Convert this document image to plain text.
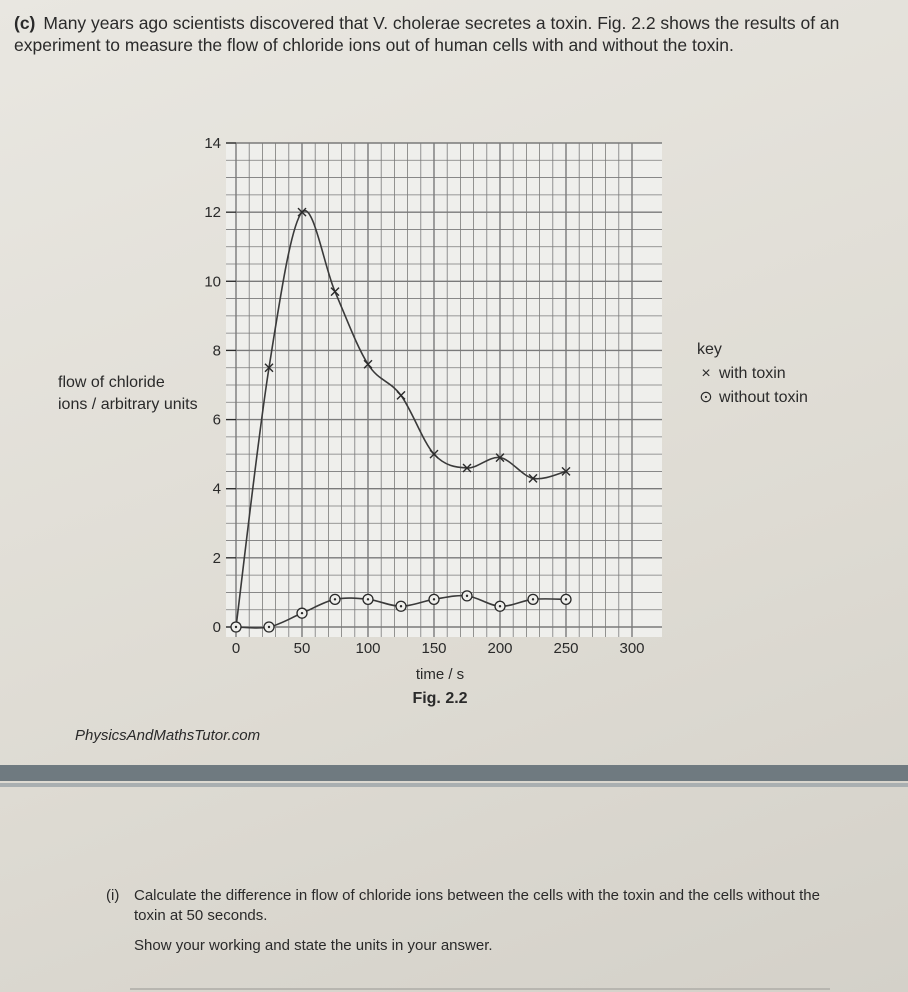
(c) Many years ago scientists discovered that V. cholerae secretes a toxin. Fig. 2.2 shows the results of an experiment to measure the flow of chloride ions out of human cells with and without the toxin.
flow of chloride ions / arbitrary units
0
2
4
6
8
10
12
14
0	50	100	150	200	250	300
key
× with toxin
⊙ without toxin
time / s
Fig. 2.2
PhysicsAndMathsTutor.com
(i) Calculate the difference in flow of chloride ions between the cells with the toxin and the cells without the toxin at 50 seconds.
Show your working and state the units in your answer.
